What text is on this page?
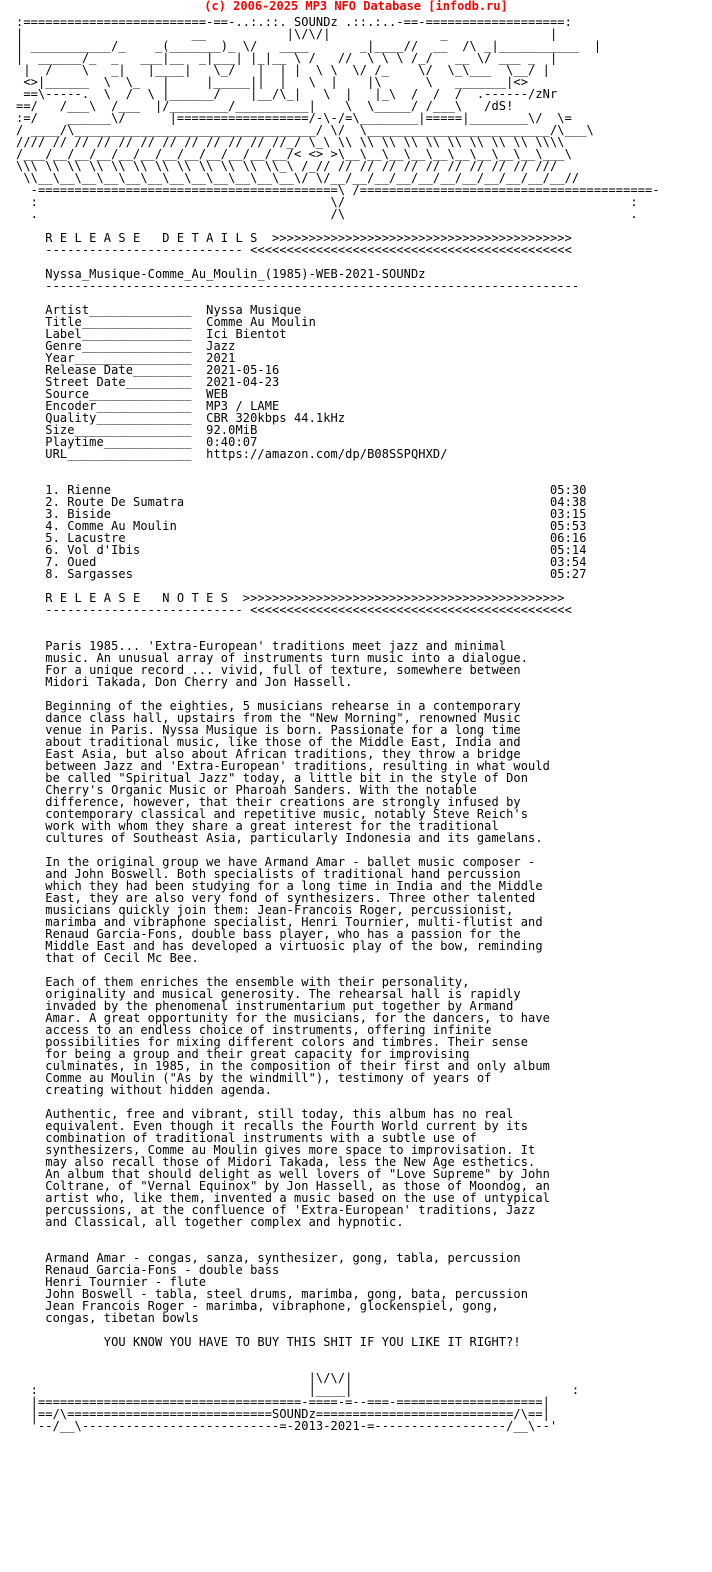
(c) 2006-2025 MP3 NFO Database [infodb.ru]
:=========================-==-..:.::. SOUNDz .::.:..-==-===================:
|                       __           |\/\/|               _              |
| ___________/_    _(_______)_ \/   ____       _|____//  __  /\ _|___________  |
|  ______/_  _   ___|__  _|___| |_|__ \ /   //  \ \ \ /_/   __ \/ ___ _  |
|  /    \   _|   |____|   \_/   |  | |  \ \  \/ /_    \/  \_\___  \__/ |
<>|______  \  \_   |     |_____||  |   \  |    |\      \   _______|<>
==\-----.  \  /  \ |______/    |__/\_|   \  |   |_\  /  /  /  .------/zNr
==/   /___\  /___  |/________/__________|    \  \_____/ /___\   /dS!
:=/    ______\/      |==================/-\-/=\________|=====|________\/  \=
/ ____/\_________________________________/ \/  \_________________________/\___\
//// // // // // // // // // // // //_/ \_\ \\ \\ \\ \\ \\ \\ \\ \\ \\ \\\\
/___/__/__/__/__/__/__/__/__/__/__/__/< <> >\__\__\__\__\__\__\__\__\__\___\
\\\ \\ \\ \\ \\ \\ \\ \\ \\ \\ \\ \\_\ /_// // // // // // // // // // ///
\\__\__\__\__\__\__\__\__\__\__\__\__\/ \/__/__/__/__/__/__/__/__/__/__/__//
-=========================================\ /========================================-
:                                        \/                                       :
.                                        /\                                       .

R E L E A S E   D E T A I L S  >>>>>>>>>>>>>>>>>>>>>>>>>>>>>>>>>>>>>>>>>
--------------------------- <<<<<<<<<<<<<<<<<<<<<<<<<<<<<<<<<<<<<<<<<<<<

Nyssa_Musique-Comme_Au_Moulin_(1985)-WEB-2021-SOUNDz
-------------------------------------------------------------------------

Artist______________  Nyssa Musique
Title_______________  Comme Au Moulin
Label_______________  Ici Bientot
Genre_______________  Jazz
Year________________  2021
Release Date________  2021-05-16
Street Date_________  2021-04-23
Source______________  WEB
Encoder_____________  MP3 / LAME
Quality_____________  CBR 320kbps 44.1kHz
Size________________  92.0MiB
Playtime____________  0:40:07
URL_________________  https://amazon.com/dp/B08SSPQHXD/

1. Rienne                                                            05:30
2. Route De Sumatra                                                  04:38
3. Biside                                                            03:15
4. Comme Au Moulin                                                   05:53
5. Lacustre                                                          06:16
6. Vol d'Ibis                                                        05:14
7. Oued                                                              03:54
8. Sargasses                                                         05:27

R E L E A S E   N O T E S  >>>>>>>>>>>>>>>>>>>>>>>>>>>>>>>>>>>>>>>>>>>>
--------------------------- <<<<<<<<<<<<<<<<<<<<<<<<<<<<<<<<<<<<<<<<<<<<

Paris 1985... 'Extra-European' traditions meet jazz and minimal
music. An unusual array of instruments turn music into a dialogue.
For a unique record ... vivid, full of texture, somewhere between
Midori Takada, Don Cherry and Jon Hassell.

Beginning of the eighties, 5 musicians rehearse in a contemporary
dance class hall, upstairs from the "New Morning", renowned Music
venue in Paris. Nyssa Musique is born. Passionate for a long time
about traditional music, like those of the Middle East, India and
East Asia, but also about African traditions, they throw a bridge
between Jazz and 'Extra-European' traditions, resulting in what would
be called "Spiritual Jazz" today, a little bit in the style of Don
Cherry's Organic Music or Pharoah Sanders. With the notable
difference, however, that their creations are strongly infused by
contemporary classical and repetitive music, notably Steve Reich's
work with whom they share a great interest for the traditional
cultures of Southeast Asia, particularly Indonesia and its gamelans.

In the original group we have Armand Amar - ballet music composer -
and John Boswell. Both specialists of traditional hand percussion
which they had been studying for a long time in India and the Middle
East, they are also very fond of synthesizers. Three other talented
musicians quickly join them: Jean-Francois Roger, percussionist,
marimba and vibraphone specialist, Henri Tournier, multi-flutist and
Renaud Garcia-Fons, double bass player, who has a passion for the
Middle East and has developed a virtuosic play of the bow, reminding
that of Cecil Mc Bee.

Each of them enriches the ensemble with their personality,
originality and musical generosity. The rehearsal hall is rapidly
invaded by the phenomenal instrumentarium put together by Armand
Amar. A great opportunity for the musicians, for the dancers, to have
access to an endless choice of instruments, offering infinite
possibilities for mixing different colors and timbres. Their sense
for being a group and their great capacity for improvising
culminates, in 1985, in the composition of their first and only album
Comme au Moulin ("As by the windmill"), testimony of years of
creating without hidden agenda.

Authentic, free and vibrant, still today, this album has no real
equivalent. Even though it recalls the Fourth World current by its
combination of traditional instruments with a subtle use of
synthesizers, Comme au Moulin gives more space to improvisation. It
may also recall those of Midori Takada, less the New Age esthetics.
An album that should delight as well lovers of "Love Supreme" by John
Coltrane, of "Vernal Equinox" by Jon Hassell, as those of Moondog, an
artist who, like them, invented a music based on the use of untypical
percussions, at the confluence of 'Extra-European' traditions, Jazz
and Classical, all together complex and hypnotic.

Armand Amar - congas, sanza, synthesizer, gong, tabla, percussion
Renaud Garcia-Fons - double bass
Henri Tournier - flute
John Boswell - tabla, steel drums, marimba, gong, bata, percussion
Jean Francois Roger - marimba, vibraphone, glockenspiel, gong,
congas, tibetan bowls

YOU KNOW YOU HAVE TO BUY THIS SHIT IF YOU LIKE IT RIGHT?!

|\/\/|
:                                     |____|                              :
|====================================-====-=--===-====================|
|==/\============================SOUNDz===========================/\==|
'--/__\---------------------------=-2013-2021-=------------------/__\--'
